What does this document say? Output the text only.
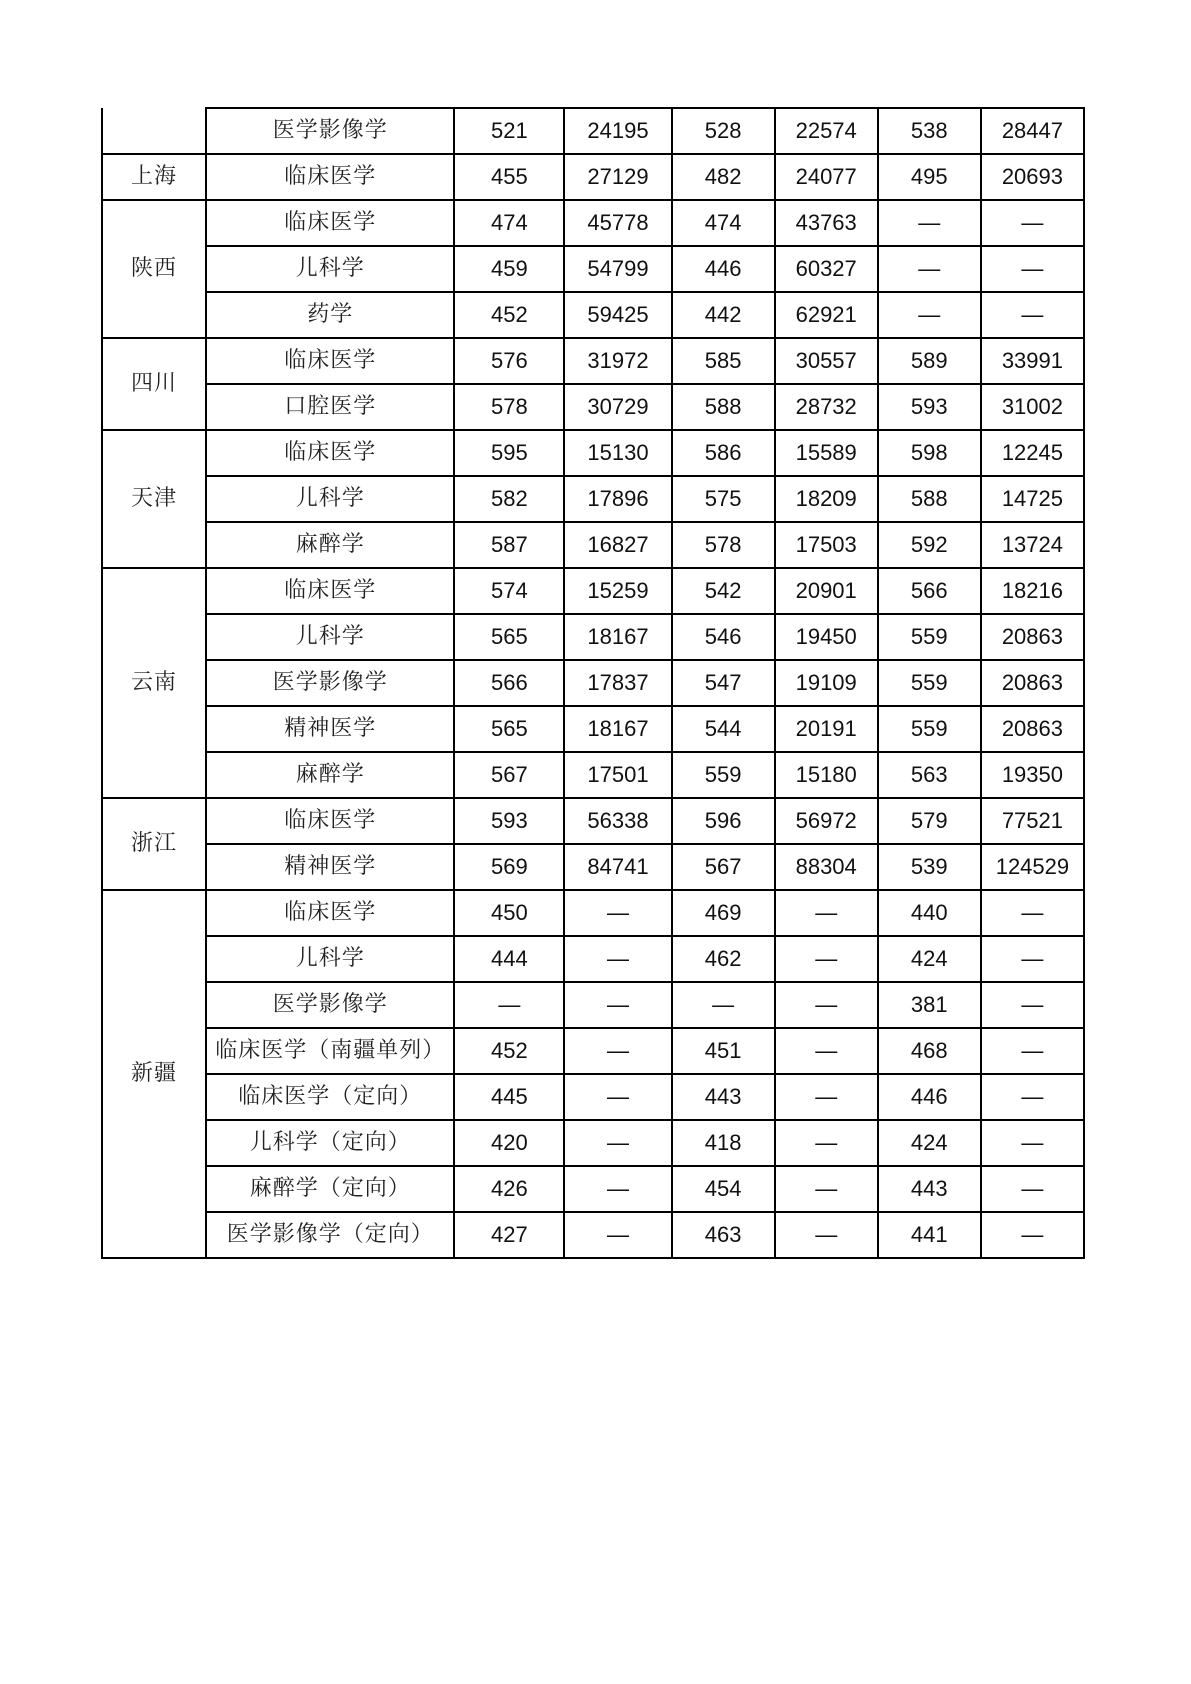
	医学影像学	521	24195	528	22574	538	28447
上海	临床医学	455	27129	482	24077	495	20693
陕西	临床医学	474	45778	474	43763	—	—
	儿科学	459	54799	446	60327	—	—
	药学	452	59425	442	62921	—	—
四川	临床医学	576	31972	585	30557	589	33991
	口腔医学	578	30729	588	28732	593	31002
天津	临床医学	595	15130	586	15589	598	12245
	儿科学	582	17896	575	18209	588	14725
	麻醉学	587	16827	578	17503	592	13724
云南	临床医学	574	15259	542	20901	566	18216
	儿科学	565	18167	546	19450	559	20863
	医学影像学	566	17837	547	19109	559	20863
	精神医学	565	18167	544	20191	559	20863
	麻醉学	567	17501	559	15180	563	19350
浙江	临床医学	593	56338	596	56972	579	77521
	精神医学	569	84741	567	88304	539	124529
新疆	临床医学	450	—	469	—	440	—
	儿科学	444	—	462	—	424	—
	医学影像学	—	—	—	—	381	—
	临床医学（南疆单列）	452	—	451	—	468	—
	临床医学（定向）	445	—	443	—	446	—
	儿科学（定向）	420	—	418	—	424	—
	麻醉学（定向）	426	—	454	—	443	—
	医学影像学（定向）	427	—	463	—	441	—
